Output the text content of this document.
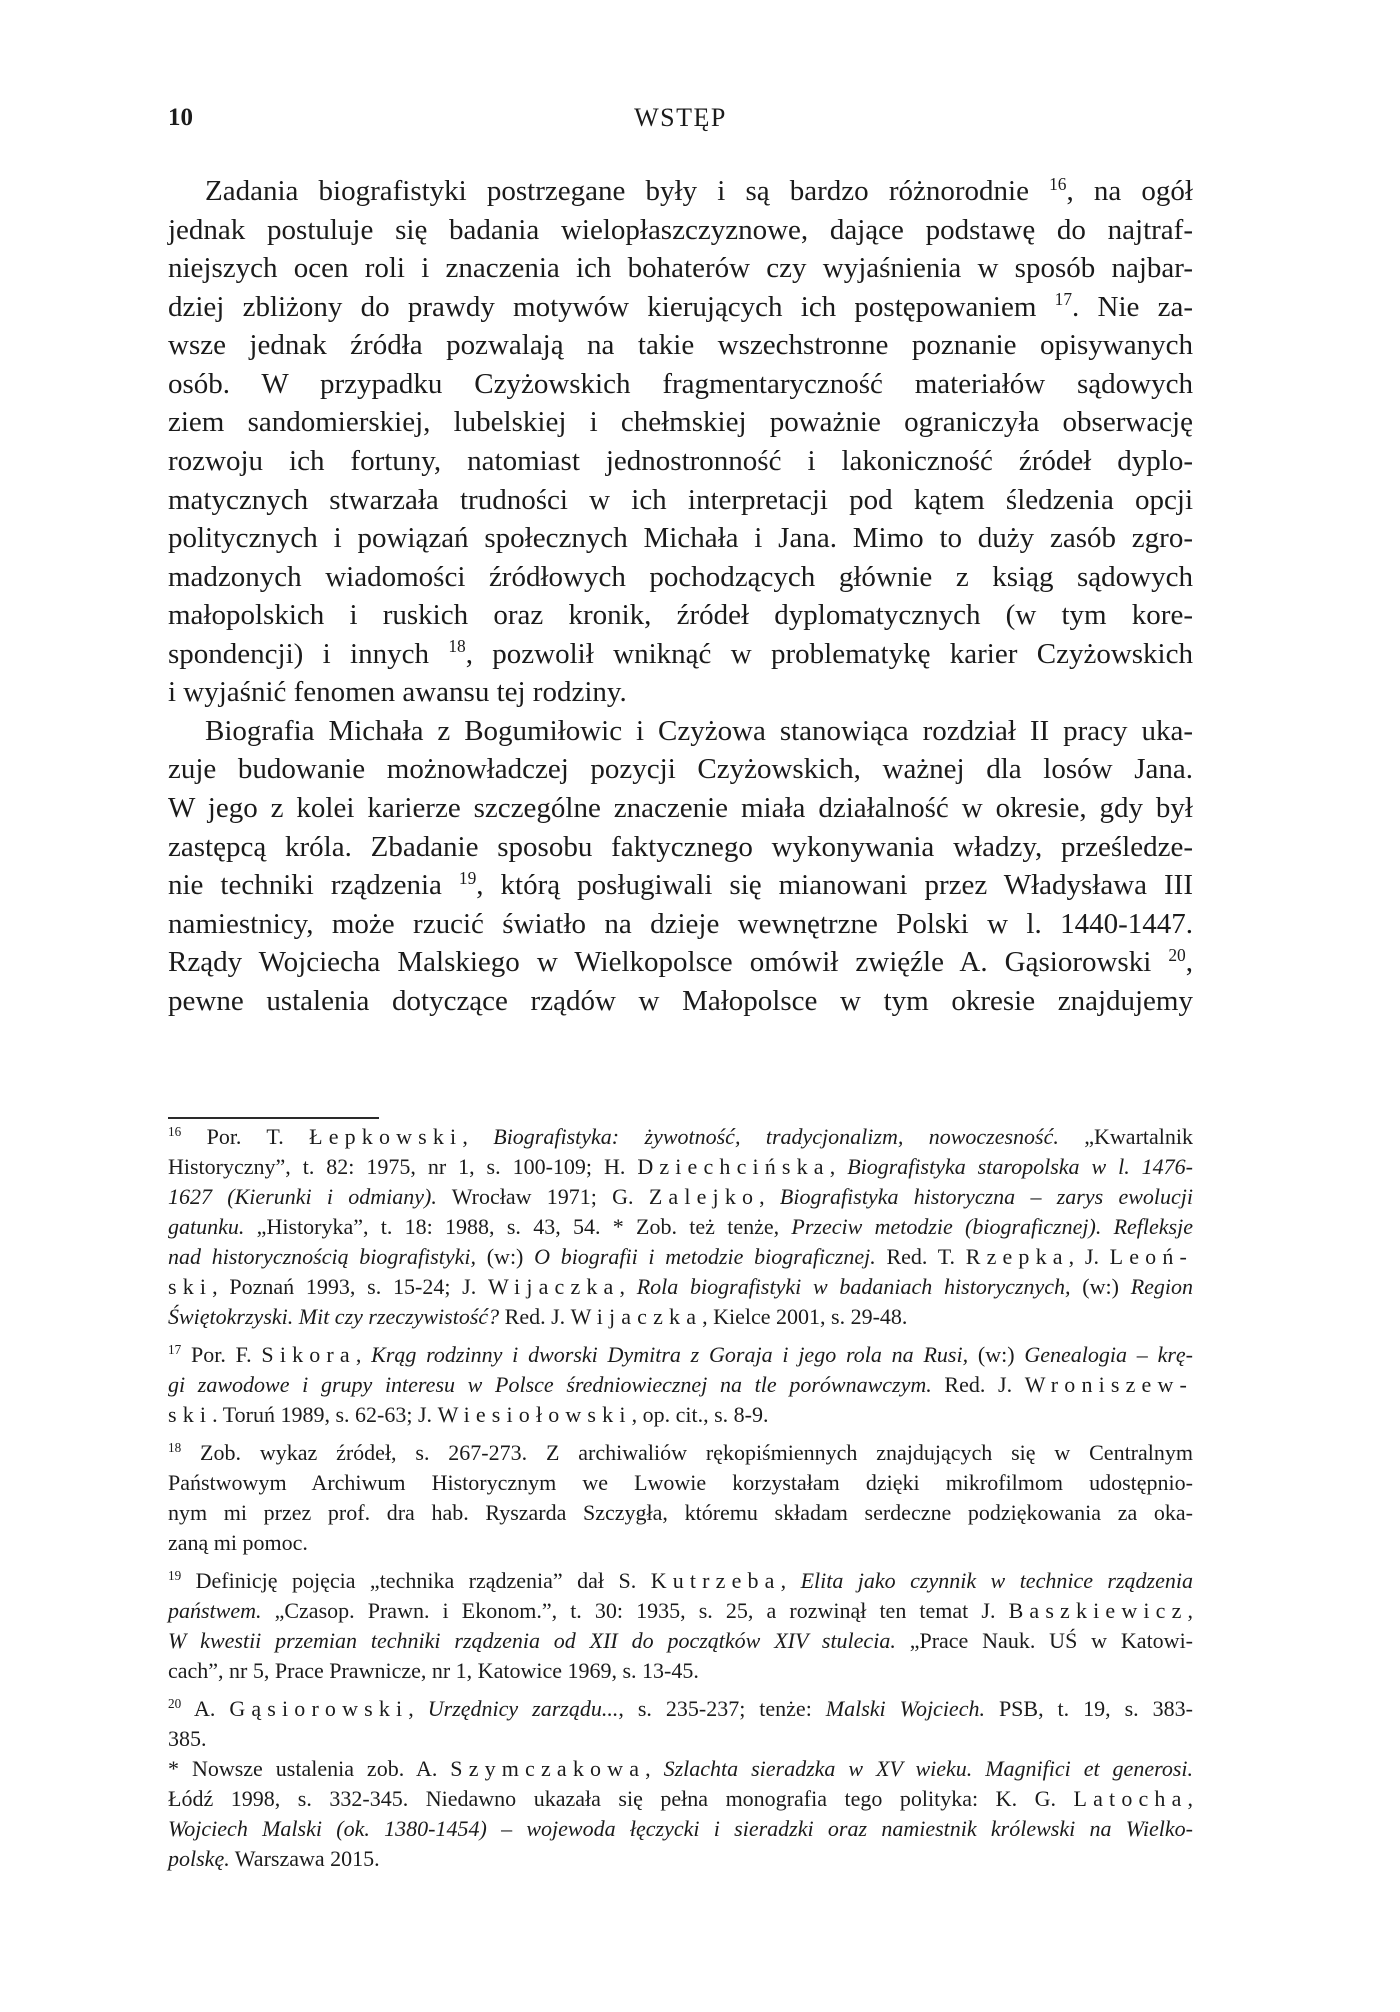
10	WSTĘP
Zadania biografistyki postrzegane były i są bardzo różnorodnie $^{16}$, na ogół
jednak postuluje się badania wielopłaszczyznowe, dające podstawę do najtraf-
niejszych ocen roli i znaczenia ich bohaterów czy wyjaśnienia w sposób najbar-
dziej zbliżony do prawdy motywów kierujących ich postępowaniem $^{17}$. Nie za-
wsze jednak źródła pozwalają na takie wszechstronne poznanie opisywanych
osób. W przypadku Czyżowskich fragmentaryczność materiałów sądowych
ziem sandomierskiej, lubelskiej i chełmskiej poważnie ograniczyła obserwację
rozwoju ich fortuny, natomiast jednostronność i lakoniczność źródeł dyplo-
matycznych stwarzała trudności w ich interpretacji pod kątem śledzenia opcji
politycznych i powiązań społecznych Michała i Jana. Mimo to duży zasób zgro-
madzonych wiadomości źródłowych pochodzących głównie z ksiąg sądowych
małopolskich i ruskich oraz kronik, źródeł dyplomatycznych (w tym kore-
spondencji) i innych $^{18}$, pozwolił wniknąć w problematykę karier Czyżowskich
i wyjaśnić fenomen awansu tej rodziny.
Biografia Michała z Bogumiłowic i Czyżowa stanowiąca rozdział II pracy uka-
zuje budowanie możnowładczej pozycji Czyżowskich, ważnej dla losów Jana.
W jego z kolei karierze szczególne znaczenie miała działalność w okresie, gdy był
zastępcą króla. Zbadanie sposobu faktycznego wykonywania władzy, prześledze-
nie techniki rządzenia $^{19}$, którą posługiwali się mianowani przez Władysława III
namiestnicy, może rzucić światło na dzieje wewnętrzne Polski w l. 1440-1447.
Rządy Wojciecha Malskiego w Wielkopolsce omówił zwięźle A. Gąsiorowski $^{20}$,
pewne ustalenia dotyczące rządów w Małopolsce w tym okresie znajdujemy
$^{16}$ Por. T. Łepkowski, Biografistyka: żywotność, tradycjonalizm, nowoczesność. „Kwartalnik
Historyczny”, t. 82: 1975, nr 1, s. 100-109; H. Dziechcińska, Biografistyka staropolska w l. 1476-
1627 (Kierunki i odmiany). Wrocław 1971; G. Zalejko, Biografistyka historyczna – zarys ewolucji
gatunku. „Historyka”, t. 18: 1988, s. 43, 54. * Zob. też tenże, Przeciw metodzie (biograficznej). Refleksje
nad historycznością biografistyki, (w:) O biografii i metodzie biograficznej. Red. T. Rzepka, J. Leoń-
ski, Poznań 1993, s. 15-24; J. Wijaczka, Rola biografistyki w badaniach historycznych, (w:) Region
Świętokrzyski. Mit czy rzeczywistość? Red. J. Wijaczka, Kielce 2001, s. 29-48.
$^{17}$ Por. F. Sikora, Krąg rodzinny i dworski Dymitra z Goraja i jego rola na Rusi, (w:) Genealogia – krę-
gi zawodowe i grupy interesu w Polsce średniowiecznej na tle porównawczym. Red. J. Wroniszew-
ski. Toruń 1989, s. 62-63; J. Wiesiołowski, op. cit., s. 8-9.
$^{18}$ Zob. wykaz źródeł, s. 267-273. Z archiwaliów rękopiśmiennych znajdujących się w Centralnym
Państwowym Archiwum Historycznym we Lwowie korzystałam dzięki mikrofilmom udostępnio-
nym mi przez prof. dra hab. Ryszarda Szczygła, któremu składam serdeczne podziękowania za oka-
zaną mi pomoc.
$^{19}$ Definicję pojęcia „technika rządzenia” dał S. Kutrzeba, Elita jako czynnik w technice rządzenia
państwem. „Czasop. Prawn. i Ekonom.”, t. 30: 1935, s. 25, a rozwinął ten temat J. Baszkiewicz,
W kwestii przemian techniki rządzenia od XII do początków XIV stulecia. „Prace Nauk. UŚ w Katowi-
cach”, nr 5, Prace Prawnicze, nr 1, Katowice 1969, s. 13-45.
$^{20}$ A. Gąsiorowski, Urzędnicy zarządu..., s. 235-237; tenże: Malski Wojciech. PSB, t. 19, s. 383-
385.
* Nowsze ustalenia zob. A. Szymczakowa, Szlachta sieradzka w XV wieku. Magnifici et generosi.
Łódź 1998, s. 332-345. Niedawno ukazała się pełna monografia tego polityka: K. G. Latocha,
Wojciech Malski (ok. 1380-1454) – wojewoda łęczycki i sieradzki oraz namiestnik królewski na Wielko-
polskę. Warszawa 2015.
